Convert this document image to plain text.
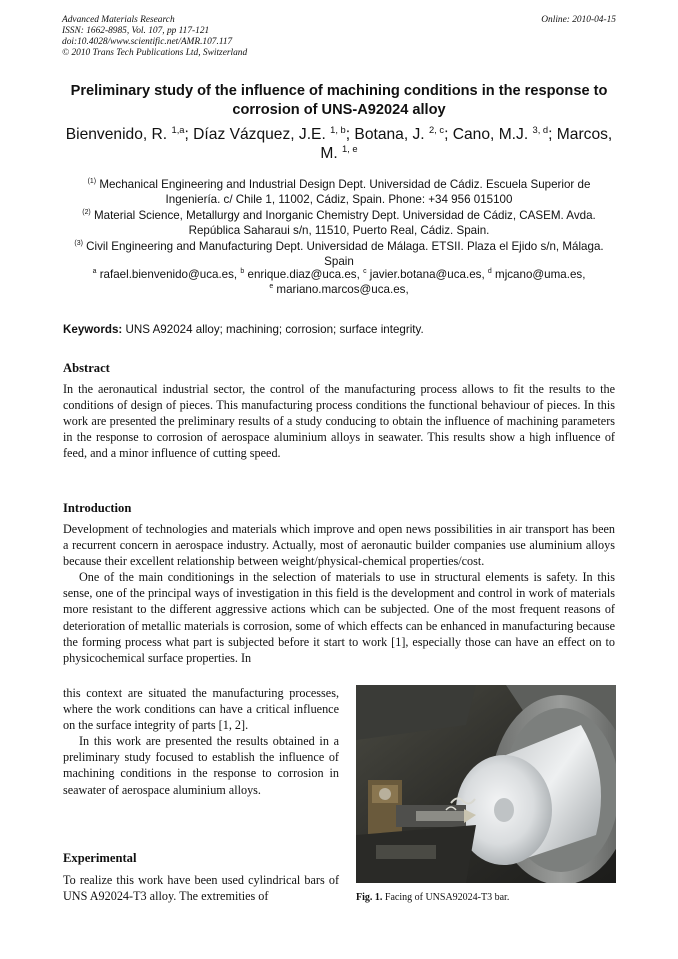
Advanced Materials Research
ISSN: 1662-8985, Vol. 107, pp 117-121
doi:10.4028/www.scientific.net/AMR.107.117
© 2010 Trans Tech Publications Ltd, Switzerland
Online: 2010-04-15
Preliminary study of the influence of machining conditions in the response to corrosion of UNS-A92024 alloy
Bienvenido, R. $^{1,a}$; Díaz Vázquez, J.E. $^{1, b}$; Botana, J. $^{2, c}$; Cano, M.J. $^{3, d}$; Marcos, M. $^{1, e}$

$^{(1)}$ Mechanical Engineering and Industrial Design Dept. Universidad de Cádiz. Escuela Superior de Ingeniería. c/ Chile 1, 11002, Cádiz, Spain. Phone: +34 956 015100

$^{(2)}$ Material Science, Metallurgy and Inorganic Chemistry Dept. Universidad de Cádiz, CASEM. Avda. República Saharaui s/n, 11510, Puerto Real, Cádiz. Spain.

$^{(3)}$ Civil Engineering and Manufacturing Dept. Universidad de Málaga. ETSII. Plaza el Ejido s/n, Málaga. Spain

$^a$ rafael.bienvenido@uca.es, $^b$ enrique.diaz@uca.es, $^c$ javier.botana@uca.es, $^d$ mjcano@uma.es,

$^e$ mariano.marcos@uca.es,

Keywords: UNS A92024 alloy; machining; corrosion; surface integrity.
Abstract

In the aeronautical industrial sector, the control of the manufacturing process allows to fit the results to the conditions of design of pieces. This manufacturing process conditions the functional behaviour of pieces. In this work are presented the preliminary results of a study conducing to obtain the influence of machining parameters in the response to corrosion of aerospace aluminium alloys in seawater. This results show a high influence of feed, and a minor influence of cutting speed.

Introduction

Development of technologies and materials which improve and open news possibilities in air transport has been a recurrent concern in aerospace industry. Actually, most of aeronautic builder companies use aluminium alloys because their excellent relationship between weight/physical-chemical properties/cost.

One of the main conditionings in the selection of materials to use in structural elements is safety. In this sense, one of the principal ways of investigation in this field is the development and control in work of materials more resistant to the different aggressive actions which can be subjected. One of the most frequent reasons of deterioration of metallic materials is corrosion, some of which effects can be enhanced in manufacturing because the forming process what part is subjected before it start to work [1], especially those can have an effect on to physicochemical surface properties. In

this context are situated the manufacturing processes, where the work conditions can have a critical influence on the surface integrity of parts [1, 2].

In this work are presented the results obtained in a preliminary study focused to establish the influence of machining conditions in the response to corrosion in seawater of aerospace aluminium alloys.

Experimental

To realize this work have been used cylindrical bars of UNS A92024-T3 alloy. The extremities of	Fig. 1. Facing of UNSA92024-T3 bar.
